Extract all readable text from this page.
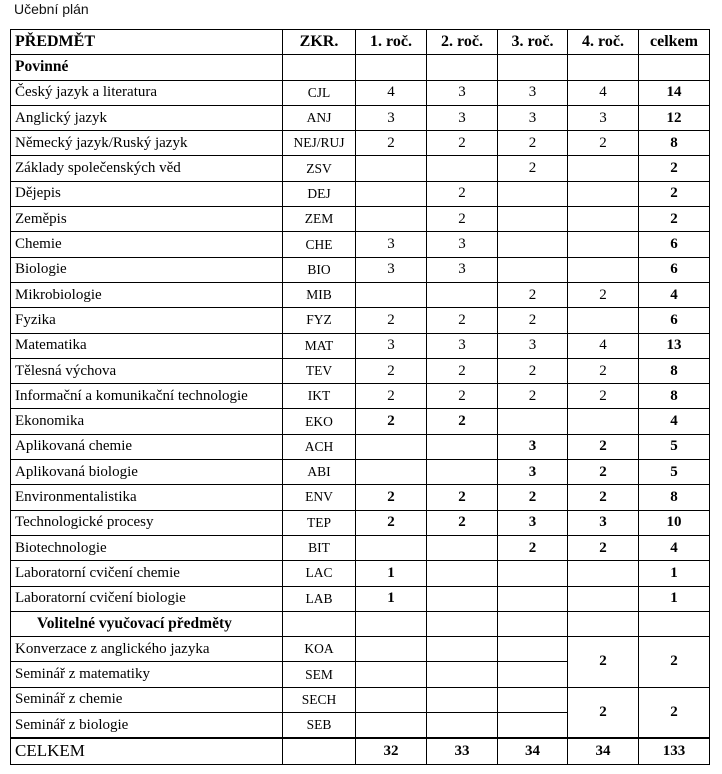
Učební plán
PŘEDMĚT	ZKR.	1. roč.	2. roč.	3. roč.	4. roč.	celkem
Povinné						
Český jazyk a literatura	CJL	4	3	3	4	14
Anglický jazyk	ANJ	3	3	3	3	12
Německý jazyk/Ruský jazyk	NEJ/RUJ	2	2	2	2	8
Základy společenských věd	ZSV			2		2
Dějepis	DEJ		2			2
Zeměpis	ZEM		2			2
Chemie	CHE	3	3			6
Biologie	BIO	3	3			6
Mikrobiologie	MIB			2	2	4
Fyzika	FYZ	2	2	2		6
Matematika	MAT	3	3	3	4	13
Tělesná výchova	TEV	2	2	2	2	8
Informační a komunikační technologie	IKT	2	2	2	2	8
Ekonomika	EKO	2	2			4
Aplikovaná chemie	ACH			3	2	5
Aplikovaná biologie	ABI			3	2	5
Environmentalistika	ENV	2	2	2	2	8
Technologické procesy	TEP	2	2	3	3	10
Biotechnologie	BIT			2	2	4
Laboratorní cvičení chemie	LAC	1				1
Laboratorní cvičení biologie	LAB	1				1
Volitelné vyučovací předměty						
Konverzace z anglického jazyka	KOA				2	2
Seminář z matematiky	SEM					
Seminář z chemie	SECH				2	2
Seminář z biologie	SEB					
CELKEM		32	33	34	34	133
